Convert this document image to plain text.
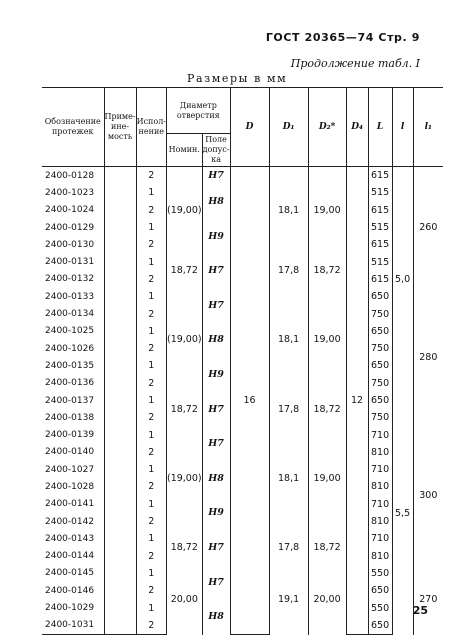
ГОСТ 20365—74 Стр. 9
Продолжение табл. I
Размеры в мм
Обозначение протежек	Приме-ине-мость	Испол-нение	Диаметр отверстия		D	D₁	D₂*	D₄	L	l	l₁
			Номин.	Поле допус-ка							
2400-0128		2	(19,00)	H7	16	18,1	19,00	12	615	5,0	260
2400-1023		1		H8					515		
2400-1024		2							615		
2400-0129		1		H9					515		
2400-0130		2							615		
2400-0131		1	18,72	H7		17,8	18,72		515		
2400-0132		2							615		
2400-0133		1	(19,00)	H7		18,1	19,00		650		280
2400-0134		2							750		
2400-1025		1		H8					650		
2400-1026		2							750		
2400-0135		1		H9					650		
2400-0136		2							750		
2400-0137		1	18,72	H7		17,8	18,72		650	5,5	
2400-0138		2							750		
2400-0139		1	(19,00)	H7		18,1	19,00		710		300
2400-0140		2							810		
2400-1027		1		H8					710		
2400-1028		2							810		
2400-0141		1		H9					710		
2400-0142		2							810		
2400-0143		1	18,72	H7		17,8	18,72		710		
2400-0144		2							810		
2400-0145		1	20,00	H7		19,1	20,00		550		270
2400-0146		2							650		
2400-1029		1		H8					550		
2400-1031		2							650		
25
